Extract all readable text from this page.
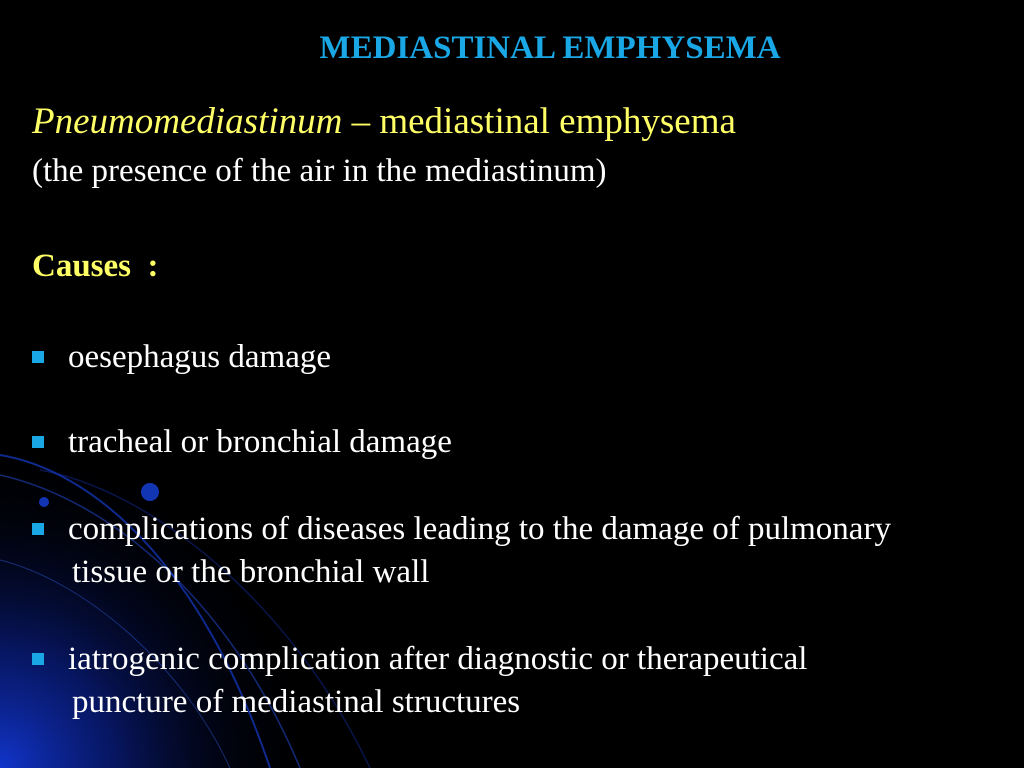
MEDIASTINAL EMPHYSEMA
Pneumomediastinum – mediastinal emphysema
(the presence of the air in the mediastinum)
Causes  :
oesephagus damage
tracheal or bronchial damage
complications of diseases leading to the damage of pulmonary
tissue or the bronchial wall
iatrogenic complication after diagnostic or therapeutical
puncture of mediastinal structures
